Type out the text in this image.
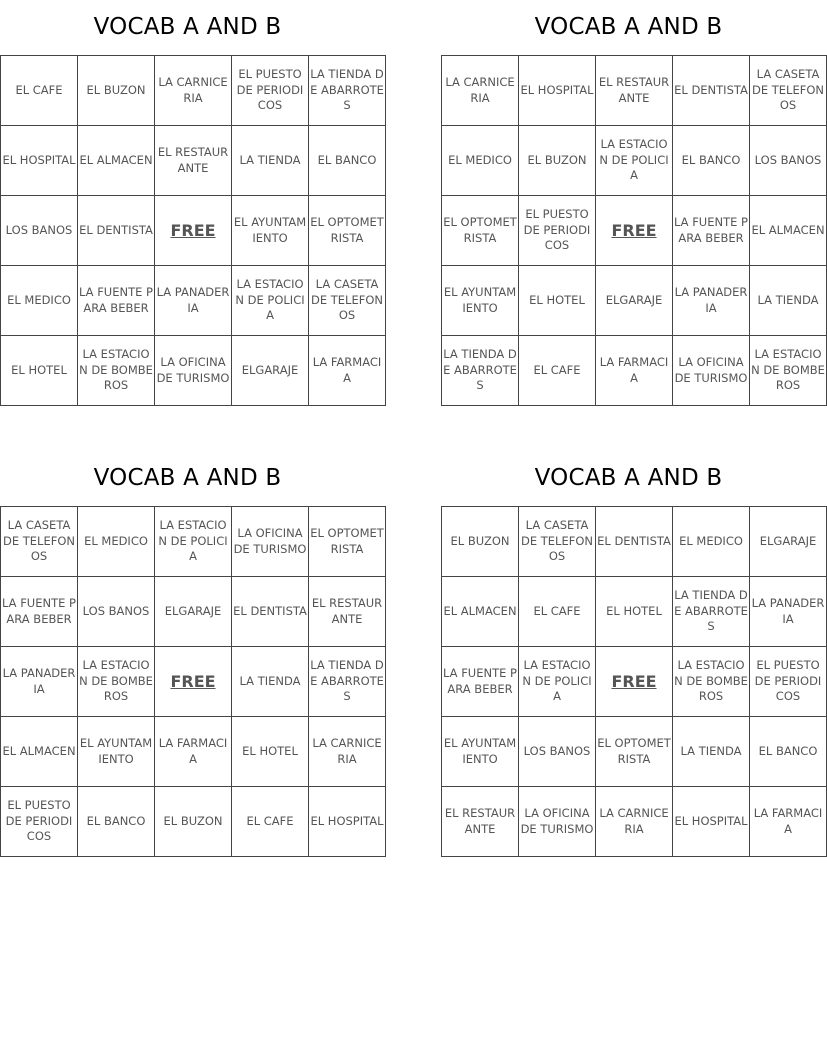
VOCAB A AND B
EL CAFE	EL BUZON	LA CARNICERIA	EL PUESTO DE PERIODICOS	LA TIENDA DE ABARROTES
EL HOSPITAL	EL ALMACEN	EL RESTAURANTE	LA TIENDA	EL BANCO
LOS BANOS	EL DENTISTA	FREE	EL AYUNTAMIENTO	EL OPTOMETRISTA
EL MEDICO	LA FUENTE PARA BEBER	LA PANADERIA	LA ESTACION DE POLICIA	LA CASETA DE TELEFONOS
EL HOTEL	LA ESTACION DE BOMBEROS	LA OFICINA DE TURISMO	ELGARAJE	LA FARMACIA
VOCAB A AND B
LA CARNICERIA	EL HOSPITAL	EL RESTAURANTE	EL DENTISTA	LA CASETA DE TELEFONOS
EL MEDICO	EL BUZON	LA ESTACION DE POLICIA	EL BANCO	LOS BANOS
EL OPTOMETRISTA	EL PUESTO DE PERIODICOS	FREE	LA FUENTE PARA BEBER	EL ALMACEN
EL AYUNTAMIENTO	EL HOTEL	ELGARAJE	LA PANADERIA	LA TIENDA
LA TIENDA DE ABARROTES	EL CAFE	LA FARMACIA	LA OFICINA DE TURISMO	LA ESTACION DE BOMBEROS
VOCAB A AND B
LA CASETA DE TELEFONOS	EL MEDICO	LA ESTACION DE POLICIA	LA OFICINA DE TURISMO	EL OPTOMETRISTA
LA FUENTE PARA BEBER	LOS BANOS	ELGARAJE	EL DENTISTA	EL RESTAURANTE
LA PANADERIA	LA ESTACION DE BOMBEROS	FREE	LA TIENDA	LA TIENDA DE ABARROTES
EL ALMACEN	EL AYUNTAMIENTO	LA FARMACIA	EL HOTEL	LA CARNICERIA
EL PUESTO DE PERIODICOS	EL BANCO	EL BUZON	EL CAFE	EL HOSPITAL
VOCAB A AND B
EL BUZON	LA CASETA DE TELEFONOS	EL DENTISTA	EL MEDICO	ELGARAJE
EL ALMACEN	EL CAFE	EL HOTEL	LA TIENDA DE ABARROTES	LA PANADERIA
LA FUENTE PARA BEBER	LA ESTACION DE POLICIA	FREE	LA ESTACION DE BOMBEROS	EL PUESTO DE PERIODICOS
EL AYUNTAMIENTO	LOS BANOS	EL OPTOMETRISTA	LA TIENDA	EL BANCO
EL RESTAURANTE	LA OFICINA DE TURISMO	LA CARNICERIA	EL HOSPITAL	LA FARMACIA
